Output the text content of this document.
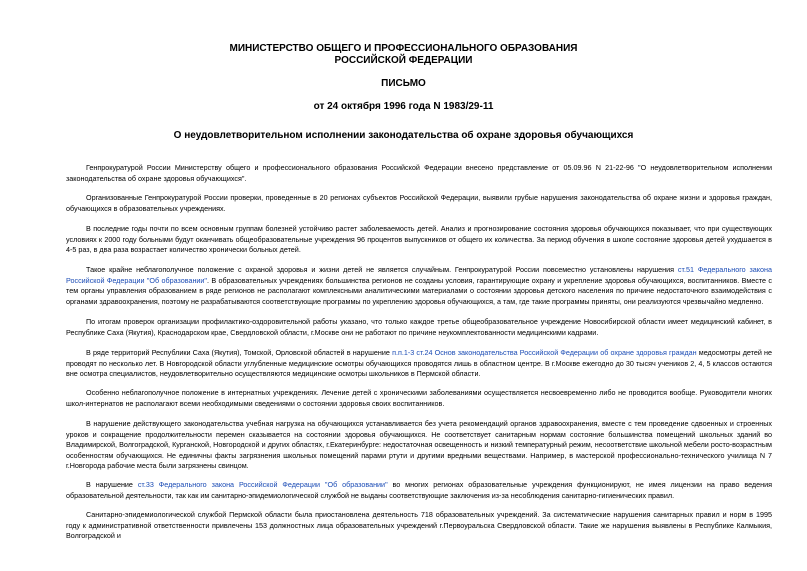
МИНИСТЕРСТВО ОБЩЕГО И ПРОФЕССИОНАЛЬНОГО ОБРАЗОВАНИЯ
РОССИЙСКОЙ ФЕДЕРАЦИИ
ПИСЬМО
от 24 октября 1996 года N 1983/29-11
О неудовлетворительном исполнении законодательства об охране здоровья обучающихся
Генпрокуратурой России Министерству общего и профессионального образования Российской Федерации внесено представление от 05.09.96 N 21-22-96 "О неудовлетворительном исполнении законодательства об охране здоровья обучающихся".
Организованные Генпрокуратурой России проверки, проведенные в 20 регионах субъектов Российской Федерации, выявили грубые нарушения законодательства об охране жизни и здоровья граждан, обучающихся в образовательных учреждениях.
В последние годы почти по всем основным группам болезней устойчиво растет заболеваемость детей. Анализ и прогнозирование состояния здоровья обучающихся показывает, что при существующих условиях к 2000 году больными будут оканчивать общеобразовательные учреждения 96 процентов выпускников от общего их количества. За период обучения в школе состояние здоровья детей ухудшается в 4-5 раз, в два раза возрастает количество хронически больных детей.
Такое крайне неблагополучное положение с охраной здоровья и жизни детей не является случайным. Генпрокуратурой России повсеместно установлены нарушения ст.51 Федерального закона Российской Федерации "Об образовании". В образовательных учреждениях большинства регионов не созданы условия, гарантирующие охрану и укрепление здоровья обучающихся, воспитанников. Вместе с тем органы управления образованием в ряде регионов не располагают комплексными аналитическими материалами о состоянии здоровья детского населения по причине недостаточного взаимодействия с органами здравоохранения, поэтому не разрабатываются соответствующие программы по укреплению здоровья обучающихся, а там, где такие программы приняты, они реализуются чрезвычайно медленно.
По итогам проверок организации профилактико-оздоровительной работы указано, что только каждое третье общеобразовательное учреждение Новосибирской области имеет медицинский кабинет, в Республике Саха (Якутия), Краснодарском крае, Свердловской области, г.Москве они не работают по причине неукомплектованности медицинскими кадрами.
В ряде территорий Республики Саха (Якутия), Томской, Орловской областей в нарушение п.п.1-3 ст.24 Основ законодательства Российской Федерации об охране здоровья граждан медосмотры детей не проводят по несколько лет. В Новгородской области углубленные медицинские осмотры обучающихся проводятся лишь в областном центре. В г.Москве ежегодно до 30 тысяч учеников 2, 4, 5 классов остаются вне осмотра специалистов, неудовлетворительно осуществляются медицинские осмотры школьников в Пермской области.
Особенно неблагополучное положение в интернатных учреждениях. Лечение детей с хроническими заболеваниями осуществляется несвоевременно либо не проводится вообще. Руководители многих школ-интернатов не располагают всеми необходимыми сведениями о состоянии здоровья своих воспитанников.
В нарушение действующего законодательства учебная нагрузка на обучающихся устанавливается без учета рекомендаций органов здравоохранения, вместе с тем проведение сдвоенных и строенных уроков и сокращение продолжительности перемен сказывается на состоянии здоровья обучающихся. Не соответствует санитарным нормам состояние большинства помещений школьных зданий во Владимирской, Волгоградской, Курганской, Новгородской и других областях, г.Екатеринбурге: недостаточная освещенность и низкий температурный режим, несоответствие школьной мебели росто-возрастным особенностям обучающихся. Не единичны факты загрязнения школьных помещений парами ртути и другими вредными веществами. Например, в мастерской профессионально-технического училища N 7 г.Новгорода рабочие места были загрязнены свинцом.
В нарушение ст.33 Федерального закона Российской Федерации "Об образовании" во многих регионах образовательные учреждения функционируют, не имея лицензии на право ведения образовательной деятельности, так как им санитарно-эпидемиологической службой не выданы соответствующие заключения из-за несоблюдения санитарно-гигиенических правил.
Санитарно-эпидемиологической службой Пермской области была приостановлена деятельность 718 образовательных учреждений. За систематические нарушения санитарных правил и норм в 1995 году к административной ответственности привлечены 153 должностных лица образовательных учреждений г.Первоуральска Свердловской области. Такие же нарушения выявлены в Республике Калмыкия, Волгоградской и
